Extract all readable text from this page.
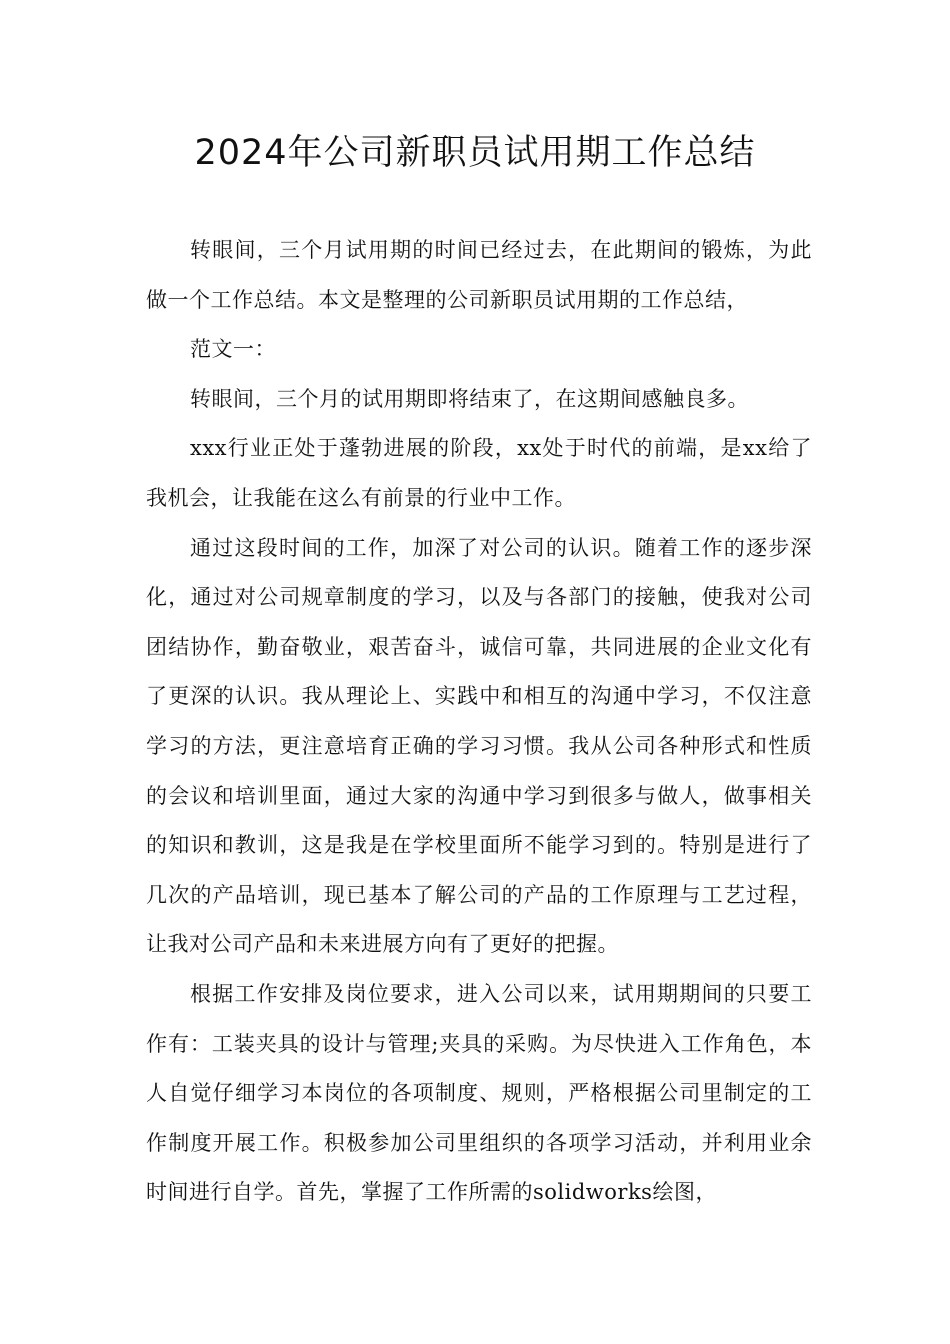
2024年公司新职员试用期工作总结

转眼间，三个月试用期的时间已经过去，在此期间的锻炼，为此做一个工作总结。本文是整理的公司新职员试用期的工作总结，

范文一：

转眼间，三个月的试用期即将结束了，在这期间感触良多。

xxx行业正处于蓬勃进展的阶段，xx处于时代的前端，是xx给了我机会，让我能在这么有前景的行业中工作。

通过这段时间的工作，加深了对公司的认识。随着工作的逐步深化，通过对公司规章制度的学习，以及与各部门的接触，使我对公司团结协作，勤奋敬业，艰苦奋斗，诚信可靠，共同进展的企业文化有了更深的认识。我从理论上、实践中和相互的沟通中学习，不仅注意学习的方法，更注意培育正确的学习习惯。我从公司各种形式和性质的会议和培训里面，通过大家的沟通中学习到很多与做人，做事相关的知识和教训，这是我是在学校里面所不能学习到的。特别是进行了几次的产品培训，现已基本了解公司的产品的工作原理与工艺过程，让我对公司产品和未来进展方向有了更好的把握。

根据工作安排及岗位要求，进入公司以来，试用期期间的只要工作有：工装夹具的设计与管理;夹具的采购。为尽快进入工作角色，本人自觉仔细学习本岗位的各项制度、规则，严格根据公司里制定的工作制度开展工作。积极参加公司里组织的各项学习活动，并利用业余时间进行自学。首先，掌握了工作所需的solidworks绘图，
